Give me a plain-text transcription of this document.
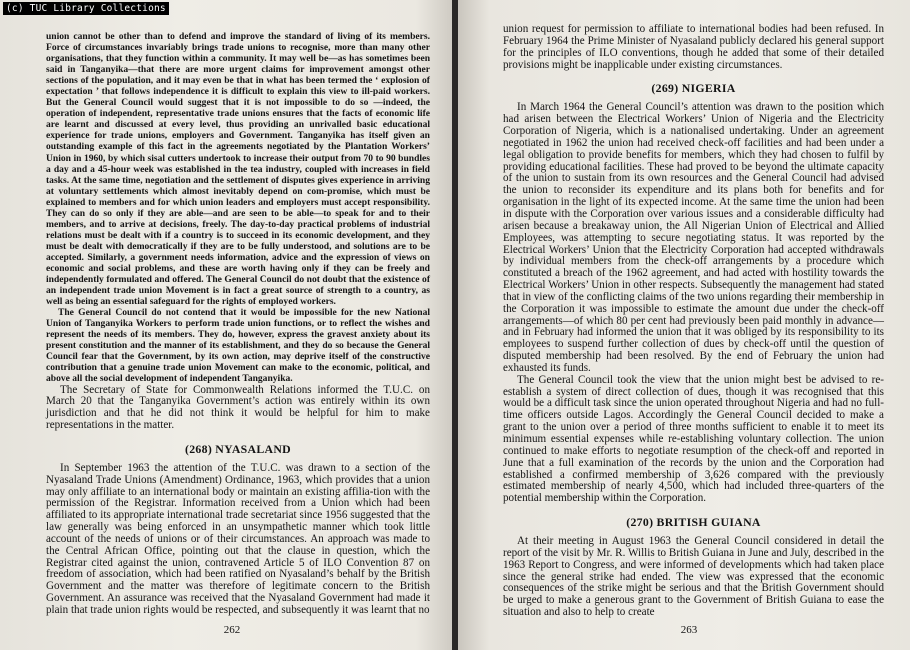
(c) TUC Library Collections

union cannot be other than to defend and improve the standard of living of its members. Force of circumstances invariably brings trade unions to recognise, more than many other organisations, that they function within a community. It may well be—as has sometimes been said in Tanganyika—that there are more urgent claims for improvement amongst other sections of the population, and it may even be that in what has been termed the ‘ explosion of expectation ’ that follows independence it is difficult to explain this view to ill-paid workers. But the General Council would suggest that it is not impossible to do so —indeed, the operation of independent, representative trade unions ensures that the facts of economic life are learnt and discussed at every level, thus providing an unrivalled basic educational experience for trade unions, employers and Government. Tanganyika has itself given an outstanding example of this fact in the agreements negotiated by the Plantation Workers’ Union in 1960, by which sisal cutters undertook to increase their output from 70 to 90 bundles a day and a 45-hour week was established in the tea industry, coupled with increases in field tasks. At the same time, negotiation and the settlement of disputes gives experience in arriving at voluntary settlements which almost inevitably depend on com-promise, which must be explained to members and for which union leaders and employers must accept responsibility. They can do so only if they are able—and are seen to be able—to speak for and to their members, and to arrive at decisions, freely. The day-to-day practical problems of industrial relations must be dealt with if a country is to succeed in its economic development, and they must be dealt with democratically if they are to be fully understood, and solutions are to be accepted. Similarly, a government needs information, advice and the expression of views on economic and social problems, and these are worth having only if they can be freely and independently formulated and offered. The General Council do not doubt that the existence of an independent trade union Movement is in fact a great source of strength to a country, as well as being an essential safeguard for the rights of employed workers.

The General Council do not contend that it would be impossible for the new National Union of Tanganyika Workers to perform trade union functions, or to reflect the wishes and represent the needs of its members. They do, however, express the gravest anxiety about its present constitution and the manner of its establishment, and they do so because the General Council fear that the Government, by its own action, may deprive itself of the constructive contribution that a genuine trade union Movement can make to the economic, political, and above all the social development of independent Tanganyika.

The Secretary of State for Commonwealth Relations informed the T.U.C. on March 20 that the Tanganyika Government’s action was entirely within its own jurisdiction and that he did not think it would be helpful for him to make representations in the matter.

(268) NYASALAND

In September 1963 the attention of the T.U.C. was drawn to a section of the Nyasaland Trade Unions (Amendment) Ordinance, 1963, which provides that a union may only affiliate to an international body or maintain an existing affilia-tion with the permission of the Registrar. Information received from a Union which had been affiliated to its appropriate international trade secretariat since 1956 suggested that the law generally was being enforced in an unsympathetic manner which took little account of the needs of unions or of their circumstances. An approach was made to the Central African Office, pointing out that the clause in question, which the Registrar cited against the union, contravened Article 5 of ILO Convention 87 on freedom of association, which had been ratified on Nyasaland’s behalf by the British Government and the matter was therefore of legitimate concern to the British Government. An assurance was received that the Nyasaland Government had made it plain that trade union rights would be respected, and subsequently it was learnt that no

262

union request for permission to affiliate to international bodies had been refused. In February 1964 the Prime Minister of Nyasaland publicly declared his general support for the principles of ILO conventions, though he added that some of their detailed provisions might be inapplicable under existing circumstances.

(269) NIGERIA

In March 1964 the General Council’s attention was drawn to the position which had arisen between the Electrical Workers’ Union of Nigeria and the Electricity Corporation of Nigeria, which is a nationalised undertaking. Under an agreement negotiated in 1962 the union had received check-off facilities and had been under a legal obligation to provide benefits for members, which they had chosen to fulfil by providing educational facilities. These had proved to be beyond the ultimate capacity of the union to sustain from its own resources and the General Council had advised the union to reconsider its expenditure and its plans both for benefits and for organisation in the light of its expected income. At the same time the union had been in dispute with the Corporation over various issues and a considerable difficulty had arisen because a breakaway union, the All Nigerian Union of Electrical and Allied Employees, was attempting to secure negotiating status. It was reported by the Electrical Workers’ Union that the Electricity Corporation had accepted withdrawals by individual members from the check-off arrangements by a procedure which constituted a breach of the 1962 agreement, and had acted with hostility towards the Electrical Workers’ Union in other respects. Subsequently the management had stated that in view of the conflicting claims of the two unions regarding their membership in the Corporation it was impossible to estimate the amount due under the check-off arrangements—of which 80 per cent had previously been paid monthly in advance—and in February had informed the union that it was obliged by its responsibility to its employees to suspend further collection of dues by check-off until the question of disputed membership had been resolved. By the end of February the union had exhausted its funds.

The General Council took the view that the union might best be advised to re-establish a system of direct collection of dues, though it was recognised that this would be a difficult task since the union operated throughout Nigeria and had no full-time officers outside Lagos. Accordingly the General Council decided to make a grant to the union over a period of three months sufficient to enable it to meet its minimum essential expenses while re-establishing voluntary collection. The union continued to make efforts to negotiate resumption of the check-off and reported in June that a full examination of the records by the union and the Corporation had established a confirmed membership of 3,626 compared with the previously estimated membership of nearly 4,500, which had included three-quarters of the potential membership within the Corporation.

(270) BRITISH GUIANA

At their meeting in August 1963 the General Council considered in detail the report of the visit by Mr. R. Willis to British Guiana in June and July, described in the 1963 Report to Congress, and were informed of developments which had taken place since the general strike had ended. The view was expressed that the economic consequences of the strike might be serious and that the British Government should be urged to make a generous grant to the Government of British Guiana to ease the situation and also to help to create

263
